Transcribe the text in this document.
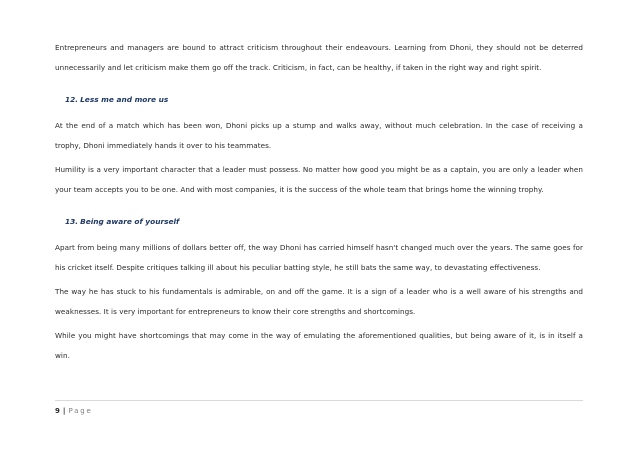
Entrepreneurs and managers are bound to attract criticism throughout their endeavours. Learning from Dhoni, they should not be deterred unnecessarily and let criticism make them go off the track. Criticism, in fact, can be healthy, if taken in the right way and right spirit.

12. Less me and more us

At the end of a match which has been won, Dhoni picks up a stump and walks away, without much celebration. In the case of receiving a trophy, Dhoni immediately hands it over to his teammates.

Humility is a very important character that a leader must possess. No matter how good you might be as a captain, you are only a leader when your team accepts you to be one. And with most companies, it is the success of the whole team that brings home the winning trophy.

13. Being aware of yourself

Apart from being many millions of dollars better off, the way Dhoni has carried himself hasn't changed much over the years. The same goes for his cricket itself. Despite critiques talking ill about his peculiar batting style, he still bats the same way, to devastating effectiveness.

The way he has stuck to his fundamentals is admirable, on and off the game. It is a sign of a leader who is a well aware of his strengths and weaknesses. It is very important for entrepreneurs to know their core strengths and shortcomings.

While you might have shortcomings that may come in the way of emulating the aforementioned qualities, but being aware of it, is in itself a win.

9 | Page
